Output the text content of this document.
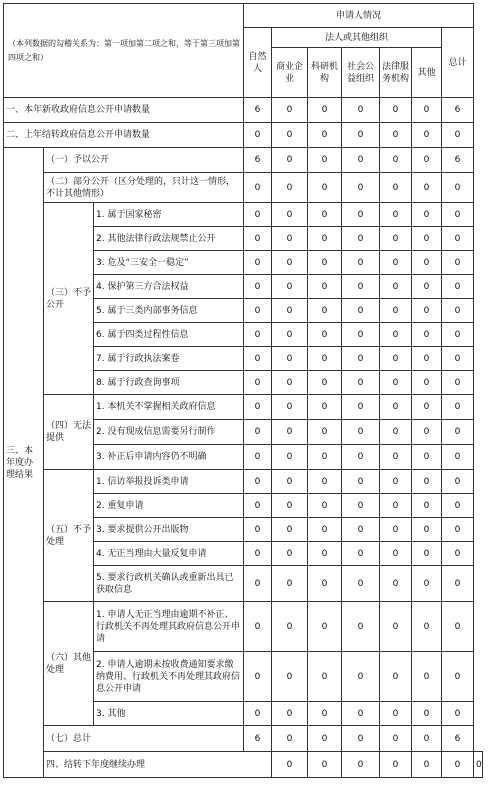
（本列数据的勾稽关系为：第一项加第二项之和，等于第三项加第四项之和）			申请人情况							
			自然人	法人或其他组织					总计	
				商业企业	科研机构	社会公益组织	法律服务机构	其他		
一、本年新收政府信息公开申请数量			6	0	0	0	0	0	6	
二、上年结转政府信息公开申请数量			0	0	0	0	0	0	0	
三、本年度办理结果	（一）予以公开		6	0	0	0	0	0	6	
	（二）部分公开（区分处理的，只计这一情形，不计其他情形）		0	0	0	0	0	0	0	
	（三）不予公开	1. 属于国家秘密	0	0	0	0	0	0	0	
		2. 其他法律行政法规禁止公开	0	0	0	0	0	0	0	
		3. 危及“三安全一稳定”	0	0	0	0	0	0	0	
		4. 保护第三方合法权益	0	0	0	0	0	0	0	
		5. 属于三类内部事务信息	0	0	0	0	0	0	0	
		6. 属于四类过程性信息	0	0	0	0	0	0	0	
		7. 属于行政执法案卷	0	0	0	0	0	0	0	
		8. 属于行政查询事项	0	0	0	0	0	0	0	
	（四）无法提供	1. 本机关不掌握相关政府信息	0	0	0	0	0	0	0	
		2. 没有现成信息需要另行制作	0	0	0	0	0	0	0	
		3. 补正后申请内容仍不明确	0	0	0	0	0	0	0	
	（五）不予处理	1. 信访举报投诉类申请	0	0	0	0	0	0	0	
		2. 重复申请	0	0	0	0	0	0	0	
		3. 要求提供公开出版物	0	0	0	0	0	0	0	
		4. 无正当理由大量反复申请	0	0	0	0	0	0	0	
		5. 要求行政机关确认或重新出具已获取信息	0	0	0	0	0	0	0	
	（六）其他处理	1. 申请人无正当理由逾期不补正、行政机关不再处理其政府信息公开申请	0	0	0	0	0	0	0	
		2. 申请人逾期未按收费通知要求缴纳费用、行政机关不再处理其政府信息公开申请	0	0	0	0	0	0	0	
		3. 其他	0	0	0	0	0	0	0	
	（七）总计		6	0	0	0	0	0	6	
	四、结转下年度继续办理			0	0	0	0	0	0	0
